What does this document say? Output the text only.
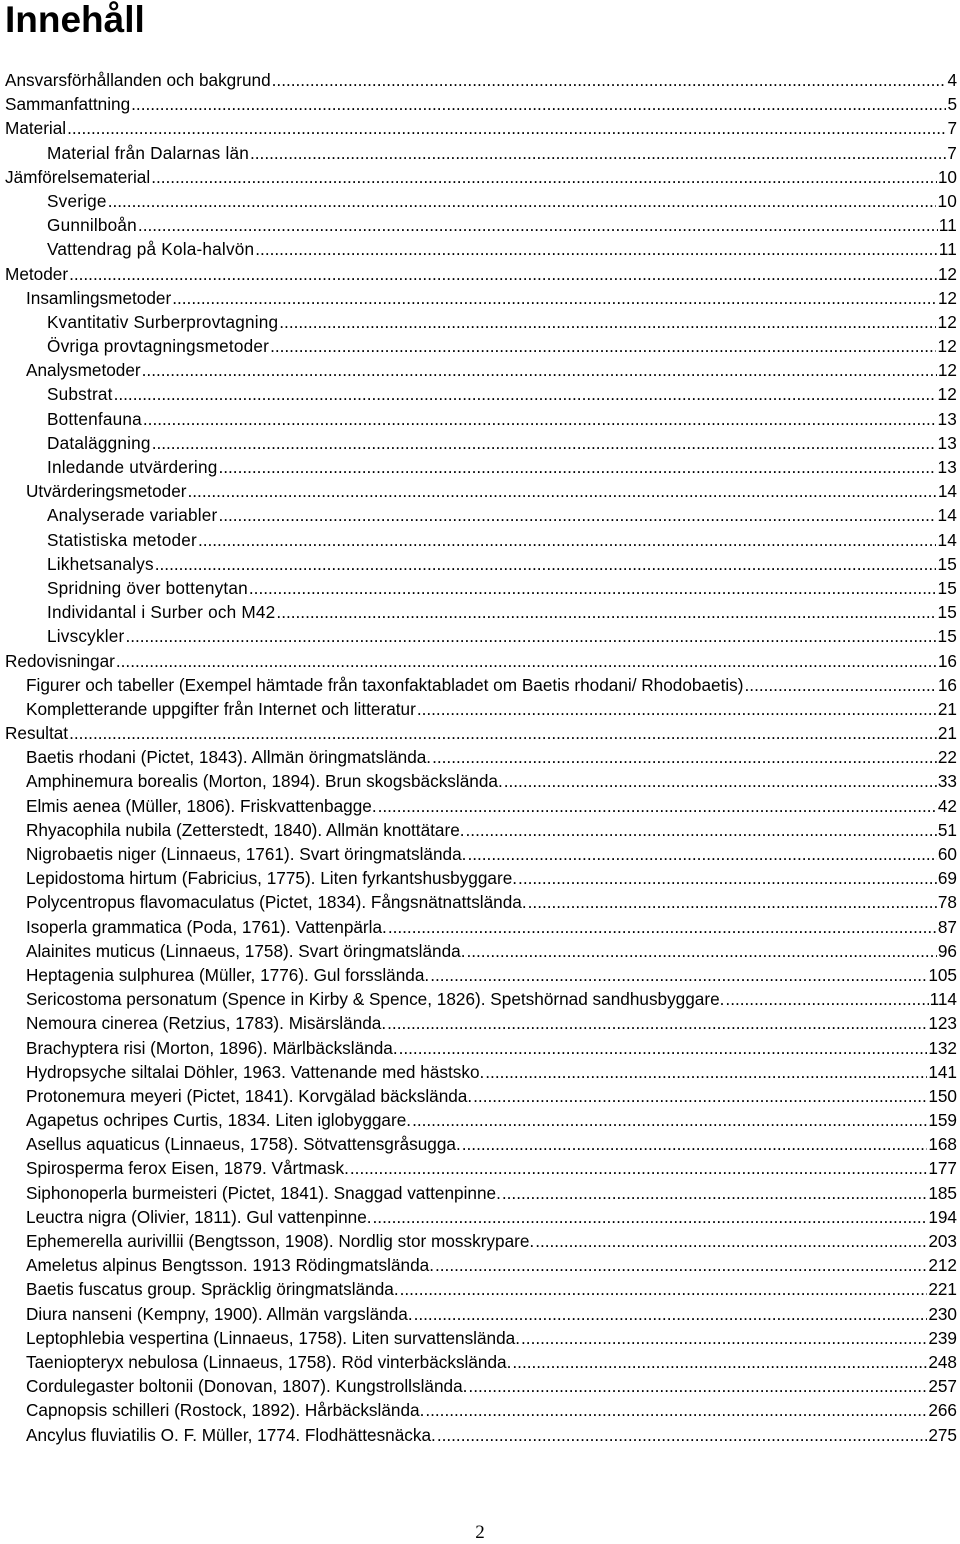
Innehåll
Ansvarsförhållanden och bakgrund .....	4
Sammanfattning .....	5
Material .....	7
Material från Dalarnas län .....	7
Jämförelsematerial .....	10
Sverige .....	10
Gunnilboån .....	11
Vattendrag på Kola-halvön .....	11
Metoder .....	12
Insamlingsmetoder .....	12
Kvantitativ Surberprovtagning .....	12
Övriga provtagningsmetoder .....	12
Analysmetoder .....	12
Substrat .....	12
Bottenfauna .....	13
Dataläggning .....	13
Inledande utvärdering .....	13
Utvärderingsmetoder .....	14
Analyserade variabler .....	14
Statistiska metoder .....	14
Likhetsanalys .....	15
Spridning över bottenytan .....	15
Individantal i Surber och M42 .....	15
Livscykler .....	15
Redovisningar .....	16
Figurer och tabeller (Exempel hämtade från taxonfaktabladet om Baetis rhodani/ Rhodobaetis) .....	16
Kompletterande uppgifter från Internet och litteratur .....	21
Resultat .....	21
Baetis rhodani (Pictet, 1843). Allmän öringmatslända. .....	22
Amphinemura borealis (Morton, 1894). Brun skogsbäcksländа. .....	33
Elmis aenea (Müller, 1806). Friskvattenbagge. .....	42
Rhyacophila nubila (Zetterstedt, 1840). Allmän knottätare. .....	51
Nigrobaetis niger (Linnaeus, 1761). Svart öringmatslända. .....	60
Lepidostoma hirtum (Fabricius, 1775). Liten fyrkantshusbyggare. .....	69
Polycentropus flavomaculatus (Pictet, 1834). Fångsnätnattslända. .....	78
Isoperla grammatica (Poda, 1761). Vattenpärla. .....	87
Alainites muticus (Linnaeus, 1758). Svart öringmatslända. .....	96
Heptagenia sulphurea (Müller, 1776). Gul forsslända. .....	105
Sericostoma personatum (Spence in Kirby & Spence, 1826). Spetshörnad sandhusbyggare. .....	114
Nemoura cinerea (Retzius, 1783). Misärslända. .....	123
Brachyptera risi (Morton, 1896). Märlbäckslända. .....	132
Hydropsyche siltalai Döhler, 1963. Vattenande med hästsko. .....	141
Protonemura meyeri (Pictet, 1841). Korvgälad bäckslända. .....	150
Agapetus ochripes Curtis, 1834. Liten iglobyggare. .....	159
Asellus aquaticus (Linnaeus, 1758). Sötvattensgråsugga. .....	168
Spirosperma ferox Eisen, 1879. Vårtmask. .....	177
Siphonoperla burmeisteri (Pictet, 1841). Snaggad vattenpinne. .....	185
Leuctra nigra (Olivier, 1811). Gul vattenpinne. .....	194
Ephemerella aurivillii (Bengtsson, 1908). Nordlig stor mosskrypare. .....	203
Ameletus alpinus Bengtsson. 1913 Rödingmatslända. .....	212
Baetis fuscatus group. Spräcklig öringmatslända. .....	221
Diura nanseni (Kempny, 1900). Allmän vargslända. .....	230
Leptophlebia vespertina (Linnaeus, 1758). Liten survattenslända. .....	239
Taeniopteryx nebulosa (Linnaeus, 1758). Röd vinterbäckslända. .....	248
Cordulegaster boltonii (Donovan, 1807). Kungstrollslända. .....	257
Capnopsis schilleri (Rostock, 1892). Hårbäckslända. .....	266
Ancylus fluviatilis O. F. Müller, 1774. Flodhättesnäcka. .....	275
2
